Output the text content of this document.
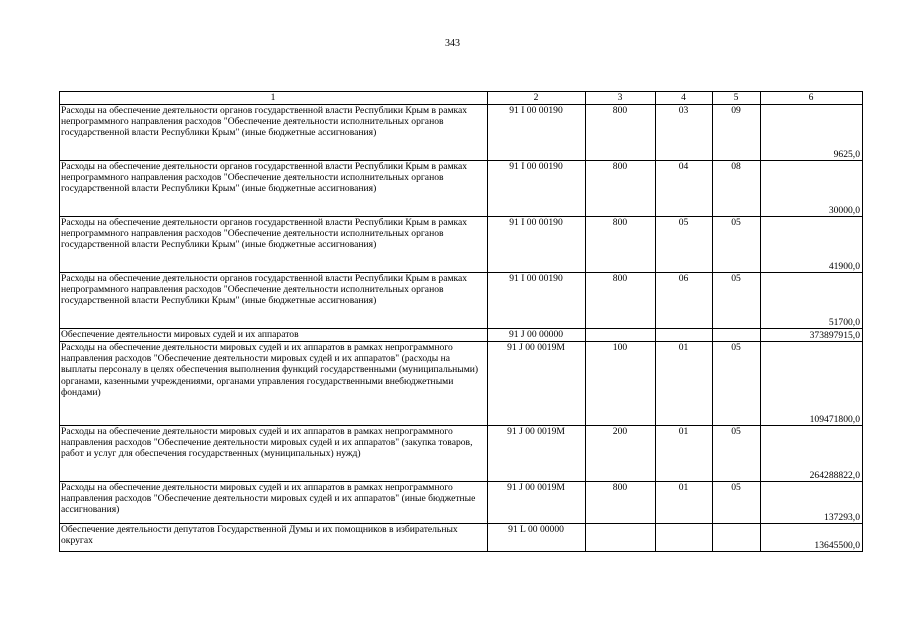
343
1	2	3	4	5	6
Расходы на обеспечение деятельности органов государственной власти Республики Крым в рамках непрограммного направления расходов "Обеспечение деятельности исполнительных органов государственной власти Республики Крым" (иные бюджетные ассигнования)	91 I 00 00190	800	03	09	9625,0
Расходы на обеспечение деятельности органов государственной власти Республики Крым в рамках непрограммного направления расходов "Обеспечение деятельности исполнительных органов государственной власти Республики Крым" (иные бюджетные ассигнования)	91 I 00 00190	800	04	08	30000,0
Расходы на обеспечение деятельности органов государственной власти Республики Крым в рамках непрограммного направления расходов "Обеспечение деятельности исполнительных органов государственной власти Республики Крым" (иные бюджетные ассигнования)	91 I 00 00190	800	05	05	41900,0
Расходы на обеспечение деятельности органов государственной власти Республики Крым в рамках непрограммного направления расходов "Обеспечение деятельности исполнительных органов государственной власти Республики Крым" (иные бюджетные ассигнования)	91 I 00 00190	800	06	05	51700,0
Обеспечение деятельности мировых судей и их аппаратов	91 J 00 00000				373897915,0
Расходы на обеспечение деятельности мировых судей и их аппаратов в рамках непрограммного направления расходов "Обеспечение деятельности мировых судей и их аппаратов" (расходы на выплаты персоналу в целях обеспечения выполнения функций государственными (муниципальными) органами, казенными учреждениями, органами управления государственными внебюджетными фондами)	91 J 00 0019M	100	01	05	109471800,0
Расходы на обеспечение деятельности мировых судей и их аппаратов в рамках непрограммного направления расходов "Обеспечение деятельности мировых судей и их аппаратов" (закупка товаров, работ и услуг для обеспечения государственных (муниципальных) нужд)	91 J 00 0019M	200	01	05	264288822,0
Расходы на обеспечение деятельности мировых судей и их аппаратов в рамках непрограммного направления расходов "Обеспечение деятельности мировых судей и их аппаратов" (иные бюджетные ассигнования)	91 J 00 0019M	800	01	05	137293,0
Обеспечение деятельности депутатов Государственной Думы и их помощников в избирательных округах	91 L 00 00000				13645500,0
